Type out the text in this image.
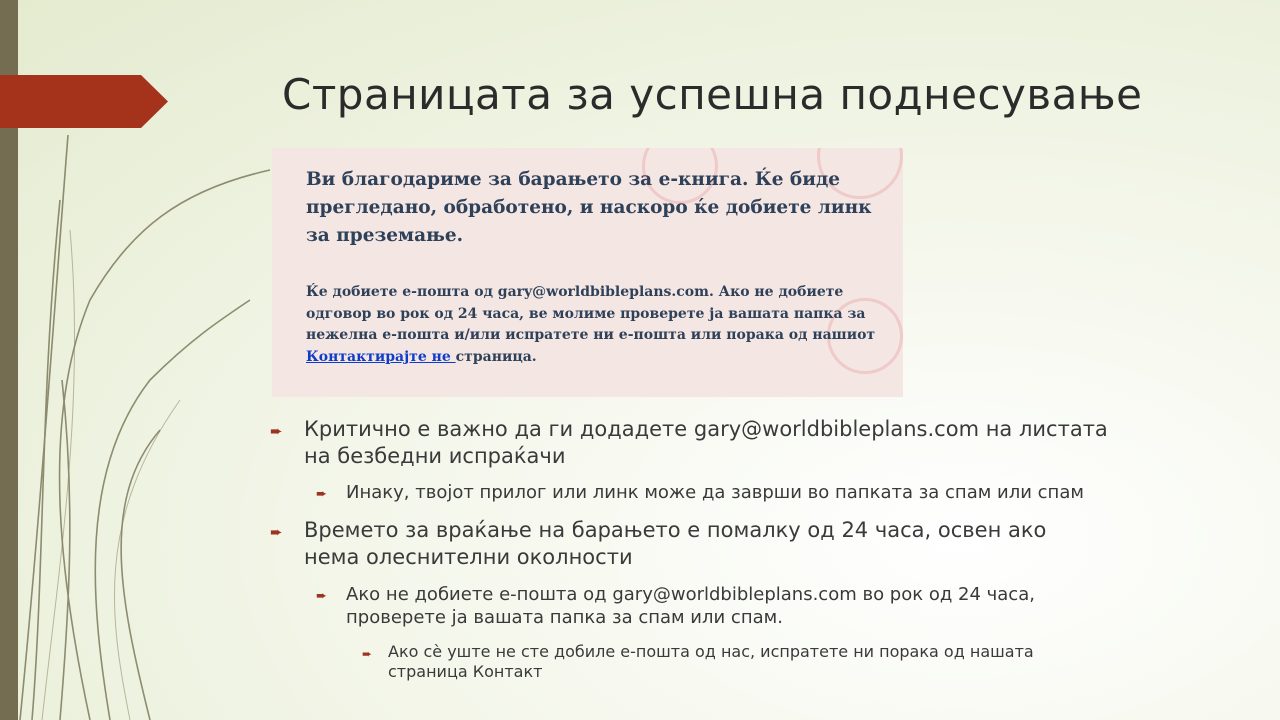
Страницата за успешна поднесување
Ви благодариме за барањето за е-книга. Ќе биде прегледано, обработено, и наскоро ќе добиете линк за преземање.
Ќе добиете е-пошта од gary@worldbibleplans.com. Ако не добиете одговор во рок од 24 часа, ве молиме проверете ја вашата папка за нежелна е-пошта и/или испратете ни е-пошта или порака од нашиот Контактирајте не страница.
➨ Критично е важно да ги додадете gary@worldbibleplans.com на листата
на безбедни испраќачи
➨	Инаку, твојот прилог или линк може да заврши во папката за спам или спам
➨ Времето за враќање на барањето е помалку од 24 часа, освен ако
нема олеснителни околности
➨ Ако не добиете е-пошта од gary@worldbibleplans.com во рок од 24 часа,
проверете ја вашата папка за спам или спам.
➨ Ако сè уште не сте добиле е-пошта од нас, испратете ни порака од нашата
страница Контакт
